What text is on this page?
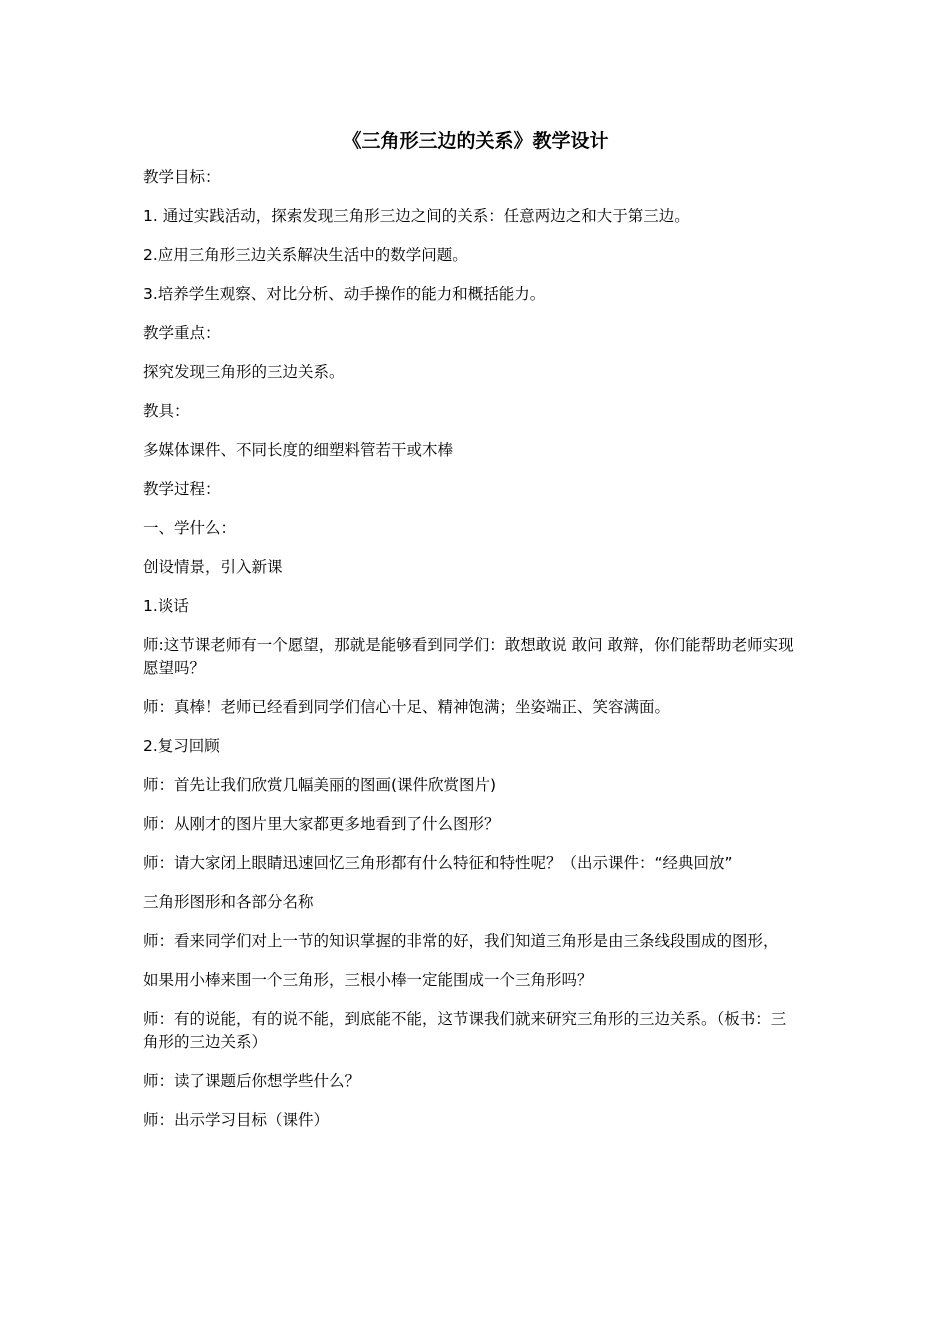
《三角形三边的关系》教学设计

教学目标：

1. 通过实践活动，探索发现三角形三边之间的关系：任意两边之和大于第三边。

2.应用三角形三边关系解决生活中的数学问题。

3.培养学生观察、对比分析、动手操作的能力和概括能力。

教学重点：

探究发现三角形的三边关系。

教具：

多媒体课件、不同长度的细塑料管若干或木棒

教学过程：

一、学什么：

创设情景，引入新课

1.谈话

师:这节课老师有一个愿望，那就是能够看到同学们：敢想敢说 敢问 敢辩，你们能帮助老师实现愿望吗？

师：真棒！老师已经看到同学们信心十足、精神饱满；坐姿端正、笑容满面。

2.复习回顾

师：首先让我们欣赏几幅美丽的图画(课件欣赏图片)

师：从刚才的图片里大家都更多地看到了什么图形？

师：请大家闭上眼睛迅速回忆三角形都有什么特征和特性呢？（出示课件：“经典回放”

三角形图形和各部分名称

师：看来同学们对上一节的知识掌握的非常的好，我们知道三角形是由三条线段围成的图形，

如果用小棒来围一个三角形，三根小棒一定能围成一个三角形吗？

师：有的说能，有的说不能，到底能不能，这节课我们就来研究三角形的三边关系。（板书：三角形的三边关系）

师：读了课题后你想学些什么？

师：出示学习目标（课件）
